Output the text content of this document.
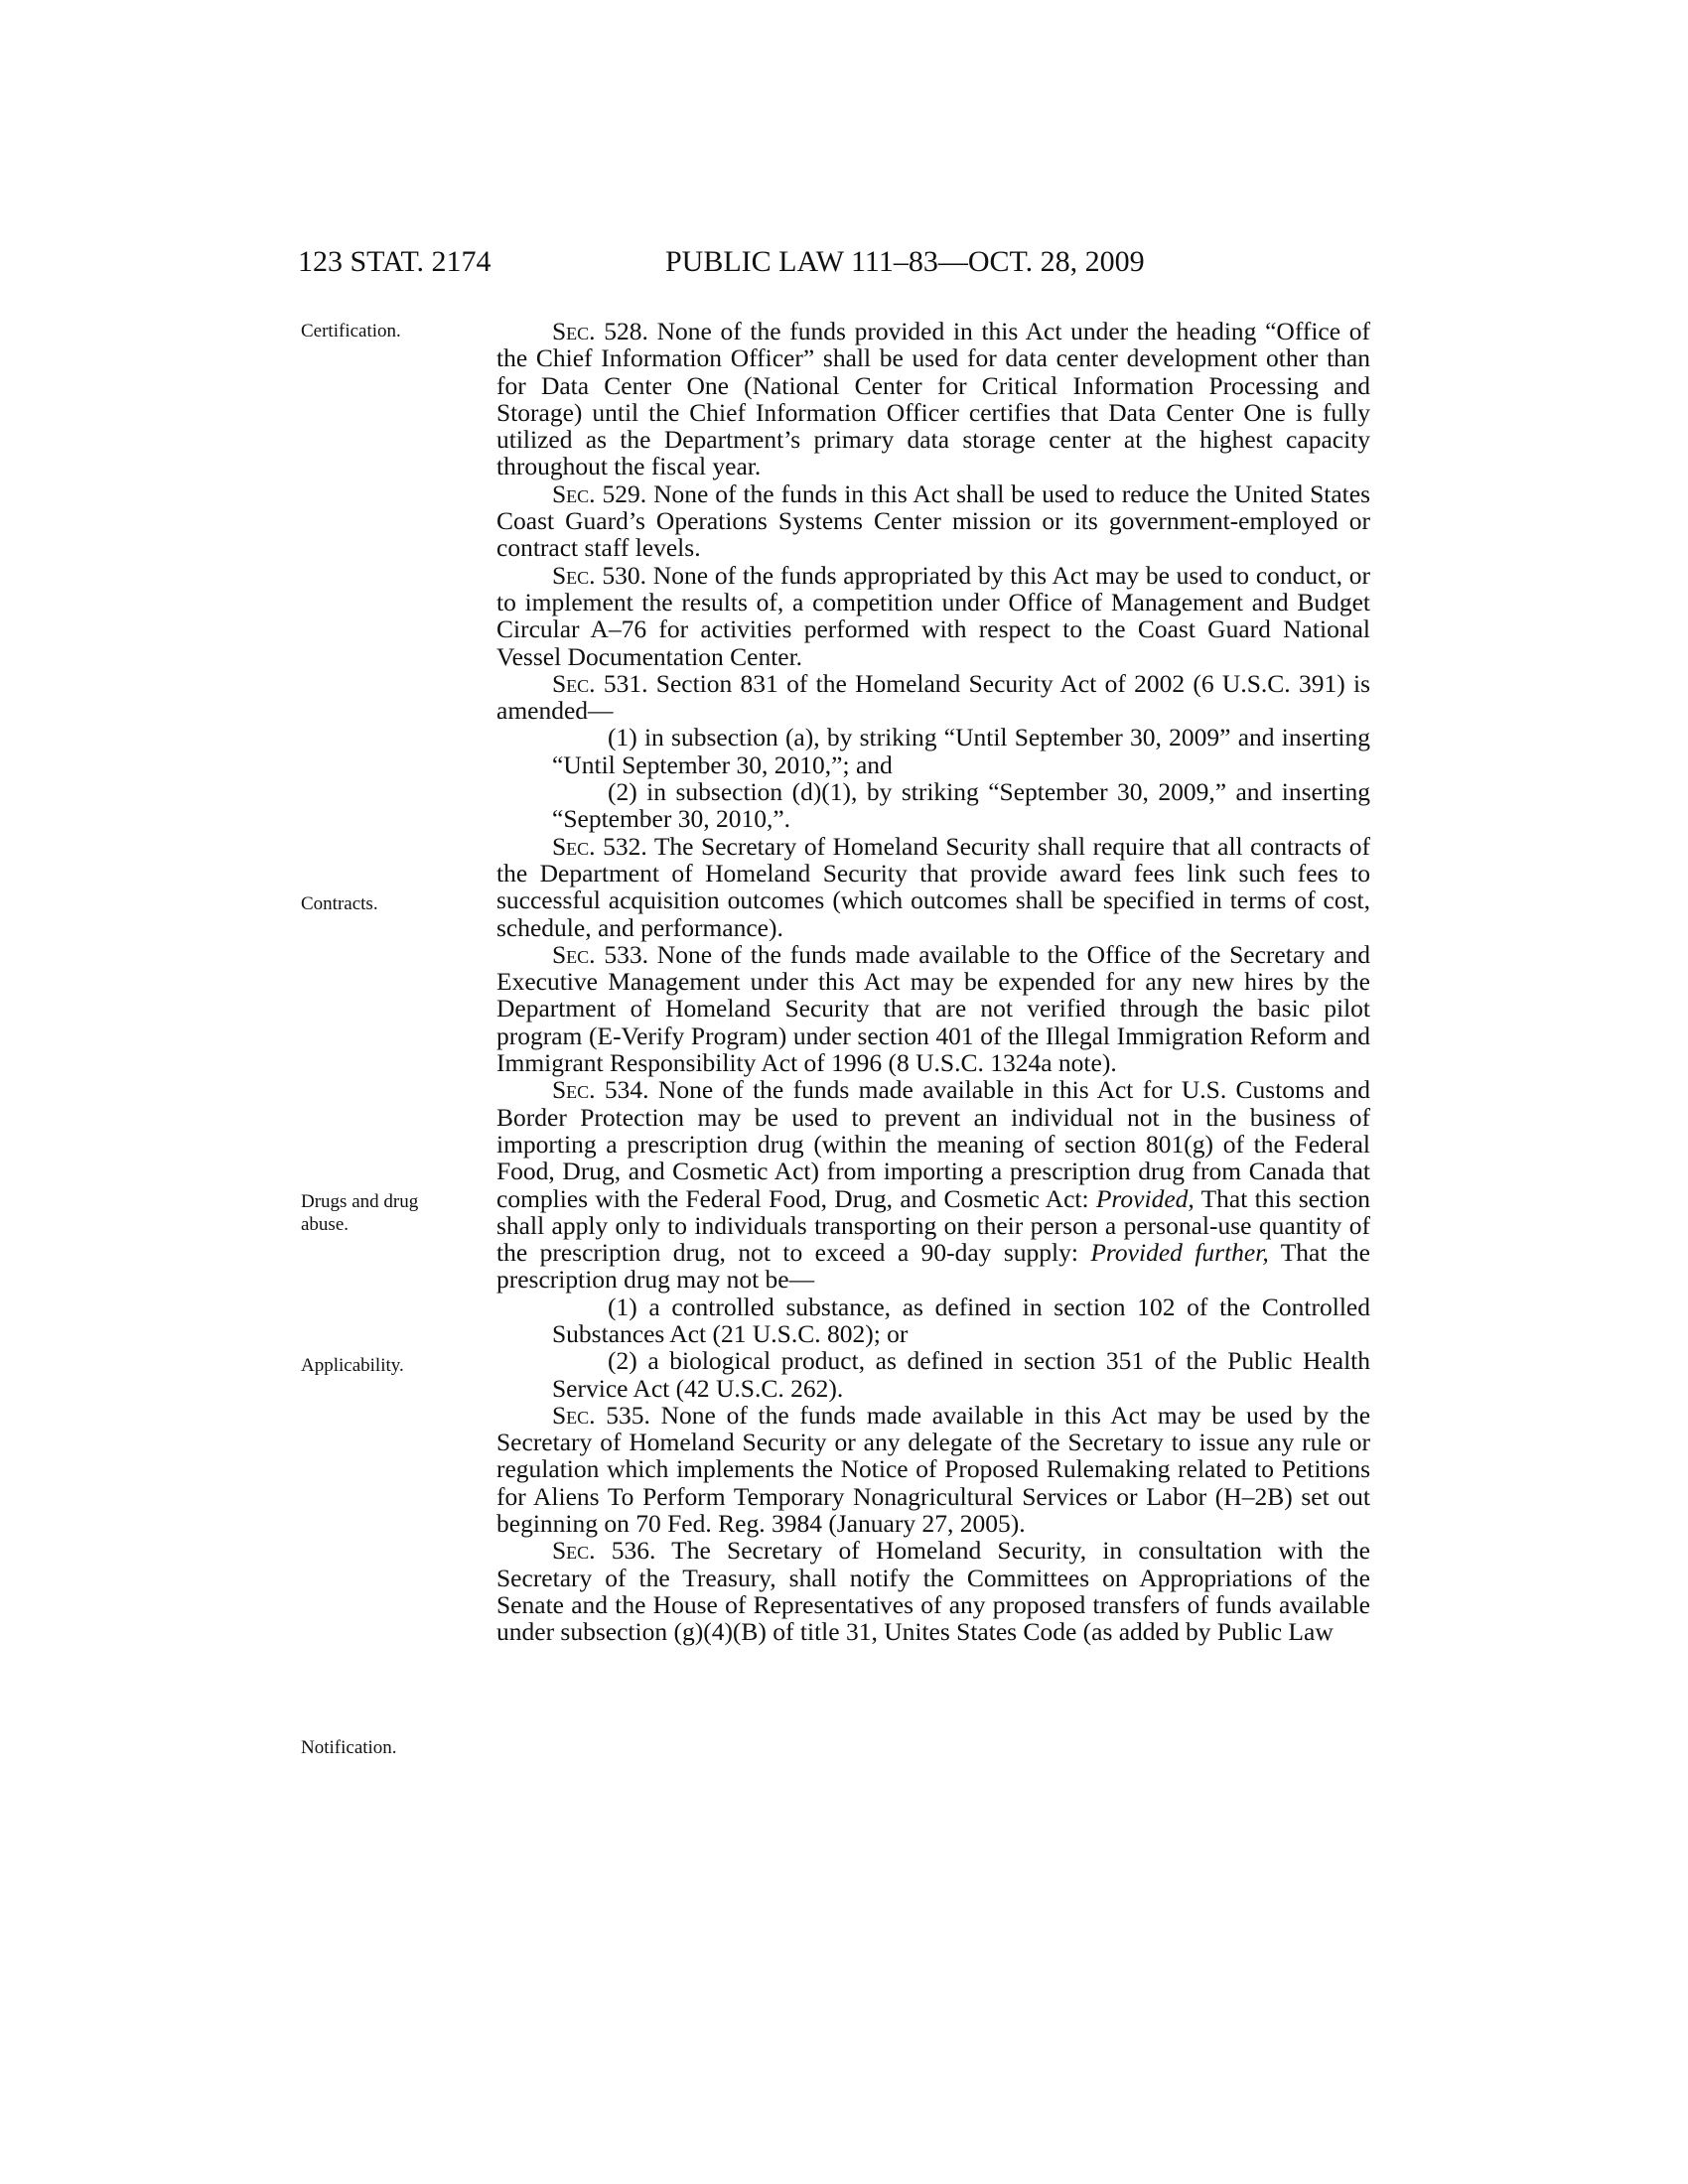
123 STAT. 2174	PUBLIC LAW 111–83—OCT. 28, 2009
Certification.
Contracts.
Drugs and drug abuse.
Applicability.
Notification.

Sec. 528. None of the funds provided in this Act under the heading “Office of the Chief Information Officer” shall be used for data center development other than for Data Center One (National Center for Critical Information Processing and Storage) until the Chief Information Officer certifies that Data Center One is fully utilized as the Department’s primary data storage center at the highest capacity throughout the fiscal year.

Sec. 529. None of the funds in this Act shall be used to reduce the United States Coast Guard’s Operations Systems Center mission or its government-employed or contract staff levels.

Sec. 530. None of the funds appropriated by this Act may be used to conduct, or to implement the results of, a competition under Office of Management and Budget Circular A–76 for activities performed with respect to the Coast Guard National Vessel Documentation Center.

Sec. 531. Section 831 of the Homeland Security Act of 2002 (6 U.S.C. 391) is amended—

(1) in subsection (a), by striking “Until September 30, 2009” and inserting “Until September 30, 2010,”; and

(2) in subsection (d)(1), by striking “September 30, 2009,” and inserting “September 30, 2010,”.

Sec. 532. The Secretary of Homeland Security shall require that all contracts of the Department of Homeland Security that provide award fees link such fees to successful acquisition outcomes (which outcomes shall be specified in terms of cost, schedule, and performance).

Sec. 533. None of the funds made available to the Office of the Secretary and Executive Management under this Act may be expended for any new hires by the Department of Homeland Security that are not verified through the basic pilot program (E-Verify Program) under section 401 of the Illegal Immigration Reform and Immigrant Responsibility Act of 1996 (8 U.S.C. 1324a note).

Sec. 534. None of the funds made available in this Act for U.S. Customs and Border Protection may be used to prevent an individual not in the business of importing a prescription drug (within the meaning of section 801(g) of the Federal Food, Drug, and Cosmetic Act) from importing a prescription drug from Canada that complies with the Federal Food, Drug, and Cosmetic Act: Provided, That this section shall apply only to individuals transporting on their person a personal-use quantity of the prescription drug, not to exceed a 90-day supply: Provided further, That the prescription drug may not be—

(1) a controlled substance, as defined in section 102 of the Controlled Substances Act (21 U.S.C. 802); or

(2) a biological product, as defined in section 351 of the Public Health Service Act (42 U.S.C. 262).

Sec. 535. None of the funds made available in this Act may be used by the Secretary of Homeland Security or any delegate of the Secretary to issue any rule or regulation which implements the Notice of Proposed Rulemaking related to Petitions for Aliens To Perform Temporary Nonagricultural Services or Labor (H–2B) set out beginning on 70 Fed. Reg. 3984 (January 27, 2005).

Sec. 536. The Secretary of Homeland Security, in consultation with the Secretary of the Treasury, shall notify the Committees on Appropriations of the Senate and the House of Representatives of any proposed transfers of funds available under subsection (g)(4)(B) of title 31, Unites States Code (as added by Public Law
